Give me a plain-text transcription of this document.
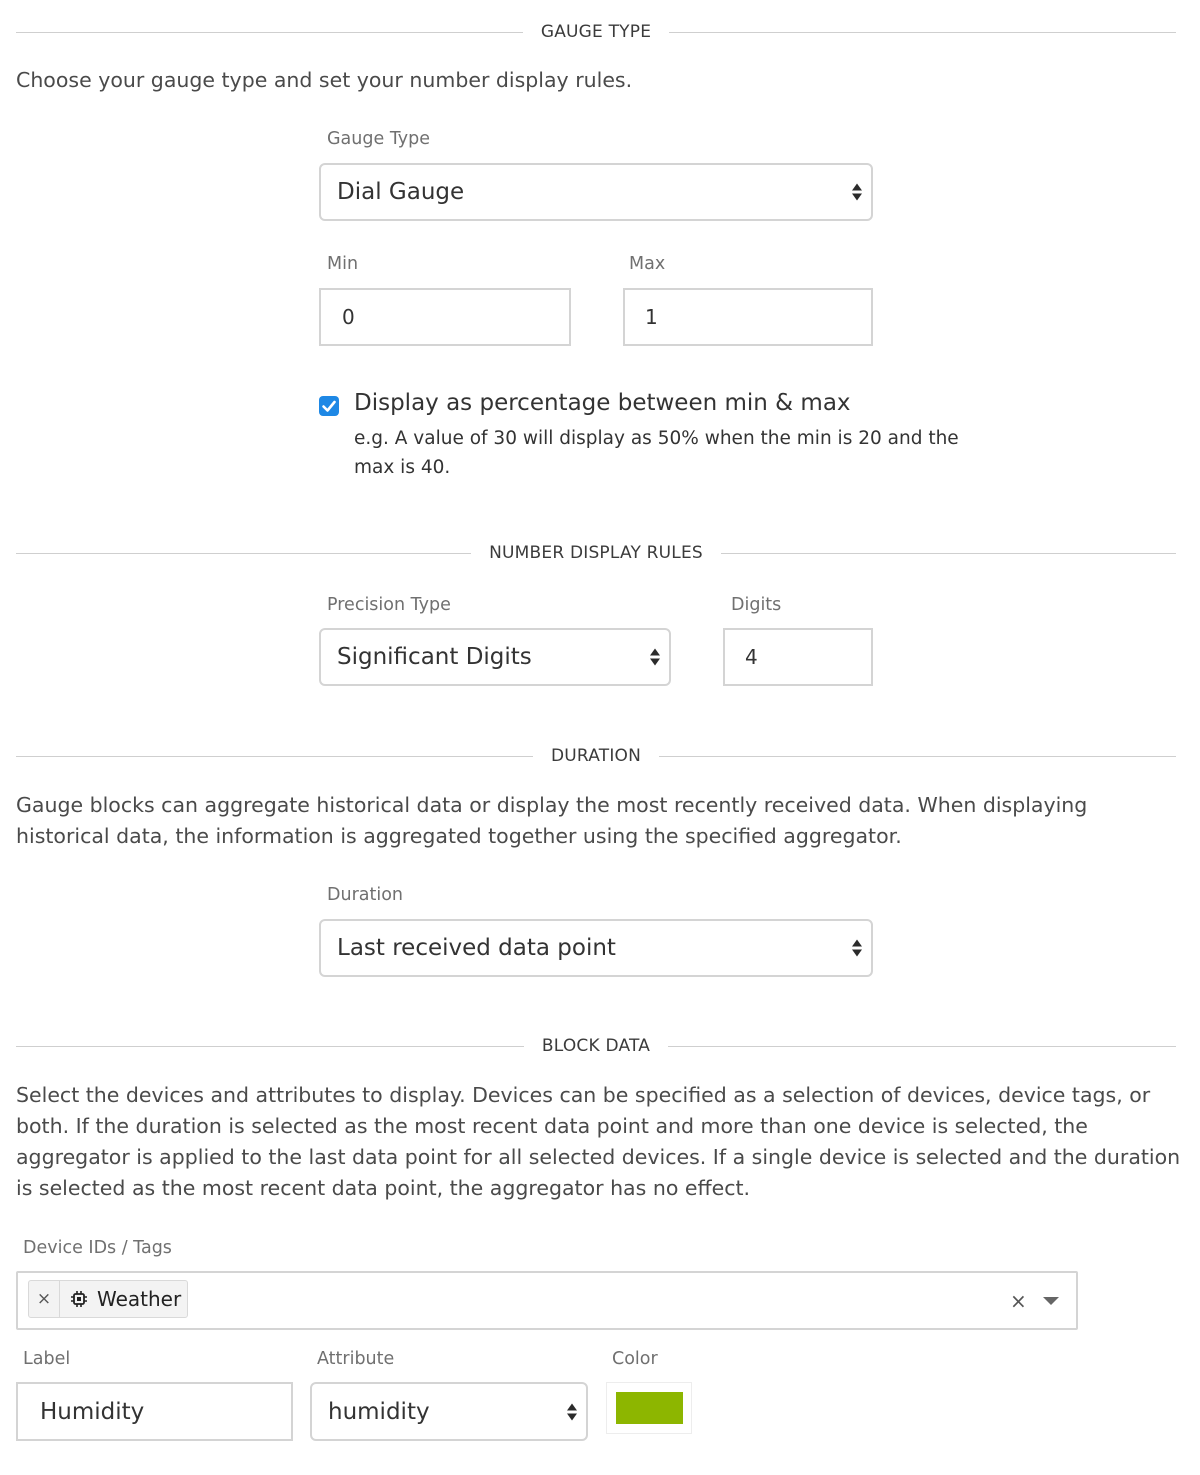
GAUGE TYPE
Choose your gauge type and set your number display rules.
Gauge Type
Dial Gauge
Min
0
Max
1
Display as percentage between min & max
e.g. A value of 30 will display as 50% when the min is 20 and the max is 40.
NUMBER DISPLAY RULES
Precision Type
Significant Digits
Digits
4
DURATION
Gauge blocks can aggregate historical data or display the most recently received data. When displaying historical data, the information is aggregated together using the specified aggregator.
Duration
Last received data point
BLOCK DATA
Select the devices and attributes to display. Devices can be specified as a selection of devices, device tags, or both. If the duration is selected as the most recent data point and more than one device is selected, the aggregator is applied to the last data point for all selected devices. If a single device is selected and the duration is selected as the most recent data point, the aggregator has no effect.
Device IDs / Tags
×	Weather	×
Label
Humidity
Attribute
humidity
Color
